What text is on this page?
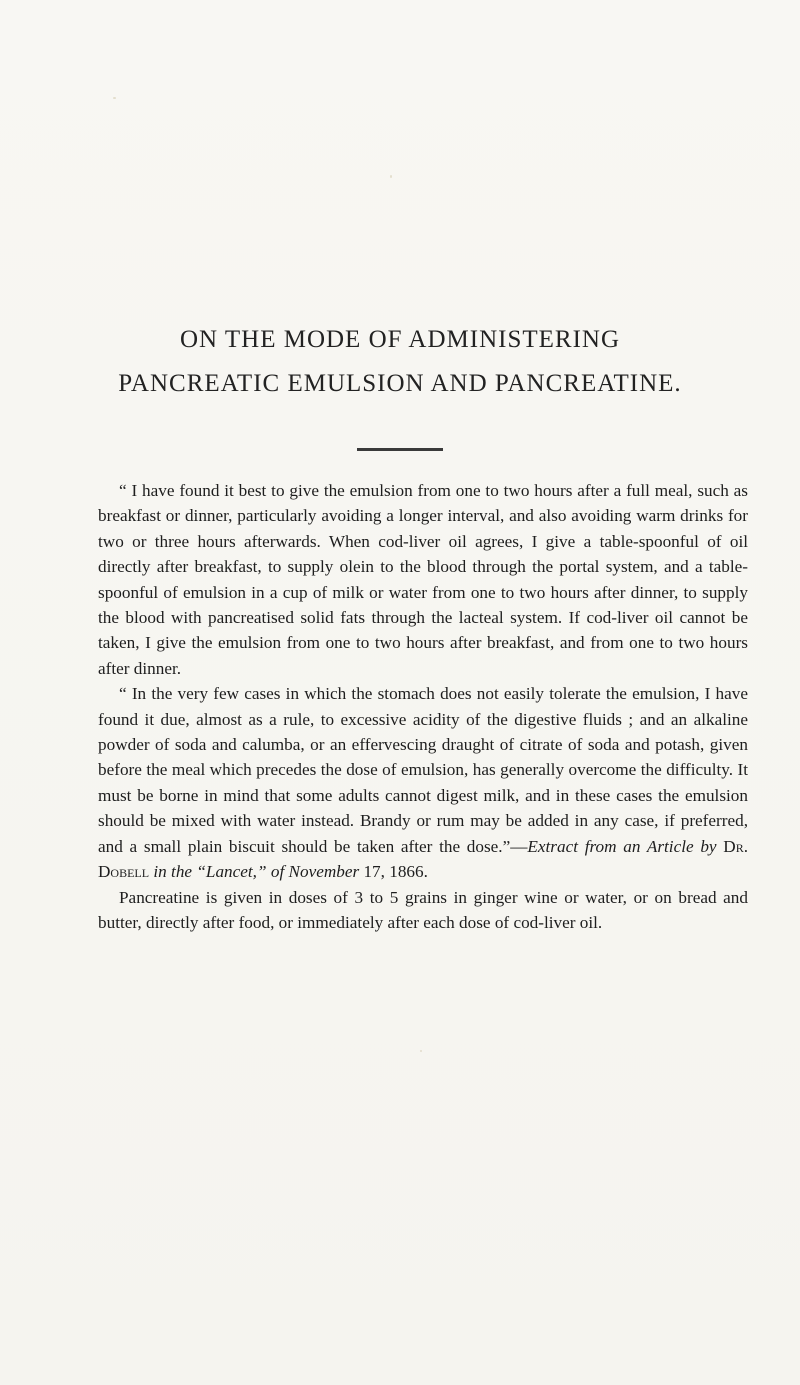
ON THE MODE OF ADMINISTERING
PANCREATIC EMULSION AND PANCREATINE.

“ I have found it best to give the emulsion from one to two hours after a full meal, such as breakfast or dinner, particularly avoiding a longer interval, and also avoiding warm drinks for two or three hours afterwards. When cod-liver oil agrees, I give a table-spoonful of oil directly after breakfast, to supply olein to the blood through the portal system, and a table-spoonful of emulsion in a cup of milk or water from one to two hours after dinner, to supply the blood with pancreatised solid fats through the lacteal system. If cod-liver oil cannot be taken, I give the emulsion from one to two hours after breakfast, and from one to two hours after dinner.

“ In the very few cases in which the stomach does not easily tolerate the emulsion, I have found it due, almost as a rule, to excessive acidity of the digestive fluids ; and an alkaline powder of soda and calumba, or an effervescing draught of citrate of soda and potash, given before the meal which precedes the dose of emulsion, has generally overcome the difficulty. It must be borne in mind that some adults cannot digest milk, and in these cases the emulsion should be mixed with water instead. Brandy or rum may be added in any case, if preferred, and a small plain biscuit should be taken after the dose.”—Extract from an Article by Dr. Dobell in the “Lancet,” of November 17, 1866.

Pancreatine is given in doses of 3 to 5 grains in ginger wine or water, or on bread and butter, directly after food, or immediately after each dose of cod-liver oil.
